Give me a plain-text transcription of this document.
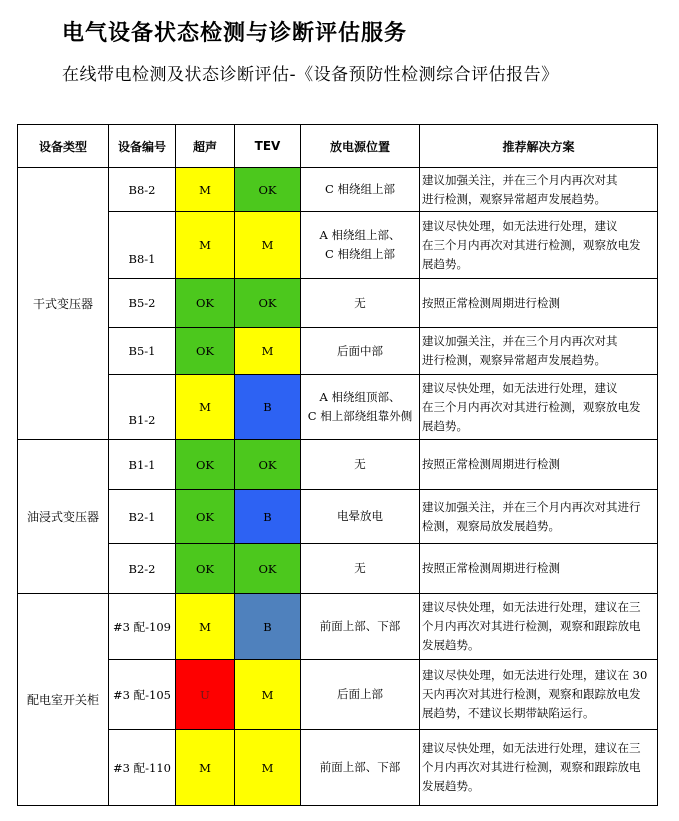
电气设备状态检测与诊断评估服务
在线带电检测及状态诊断评估-《设备预防性检测综合评估报告》
设备类型	设备编号	超声	TEV	放电源位置	推荐解决方案
干式变压器	B8-2	M	OK	C 相绕组上部	建议加强关注，并在三个月内再次对其
进行检测，观察异常超声发展趋势。

	B8-1	M	M	A 相绕组上部、
C 相绕组上部	建议尽快处理，如无法进行处理，建议
在三个月内再次对其进行检测，观察放电发
展趋势。

	B5-2	OK	OK	无	按照正常检测周期进行检测

	B5-1	OK	M	后面中部	建议加强关注，并在三个月内再次对其
进行检测，观察异常超声发展趋势。

	B1-2	M	B	A 相绕组顶部、
C 相上部绕组靠外侧	建议尽快处理，如无法进行处理，建议
在三个月内再次对其进行检测，观察放电发
展趋势。

油浸式变压器	B1-1	OK	OK	无	按照正常检测周期进行检测

	B2-1	OK	B	电晕放电	建议加强关注，并在三个月内再次对其进行
检测，观察局放发展趋势。

	B2-2	OK	OK	无	按照正常检测周期进行检测

配电室开关柜	#3 配-109	M	B	前面上部、下部	建议尽快处理，如无法进行处理，建议在三
个月内再次对其进行检测，观察和跟踪放电
发展趋势。

	#3 配-105	U	M	后面上部	建议尽快处理，如无法进行处理，建议在 30
天内再次对其进行检测，观察和跟踪放电发
展趋势，不建议长期带缺陷运行。

	#3 配-110	M	M	前面上部、下部	建议尽快处理，如无法进行处理，建议在三
个月内再次对其进行检测，观察和跟踪放电
发展趋势。
